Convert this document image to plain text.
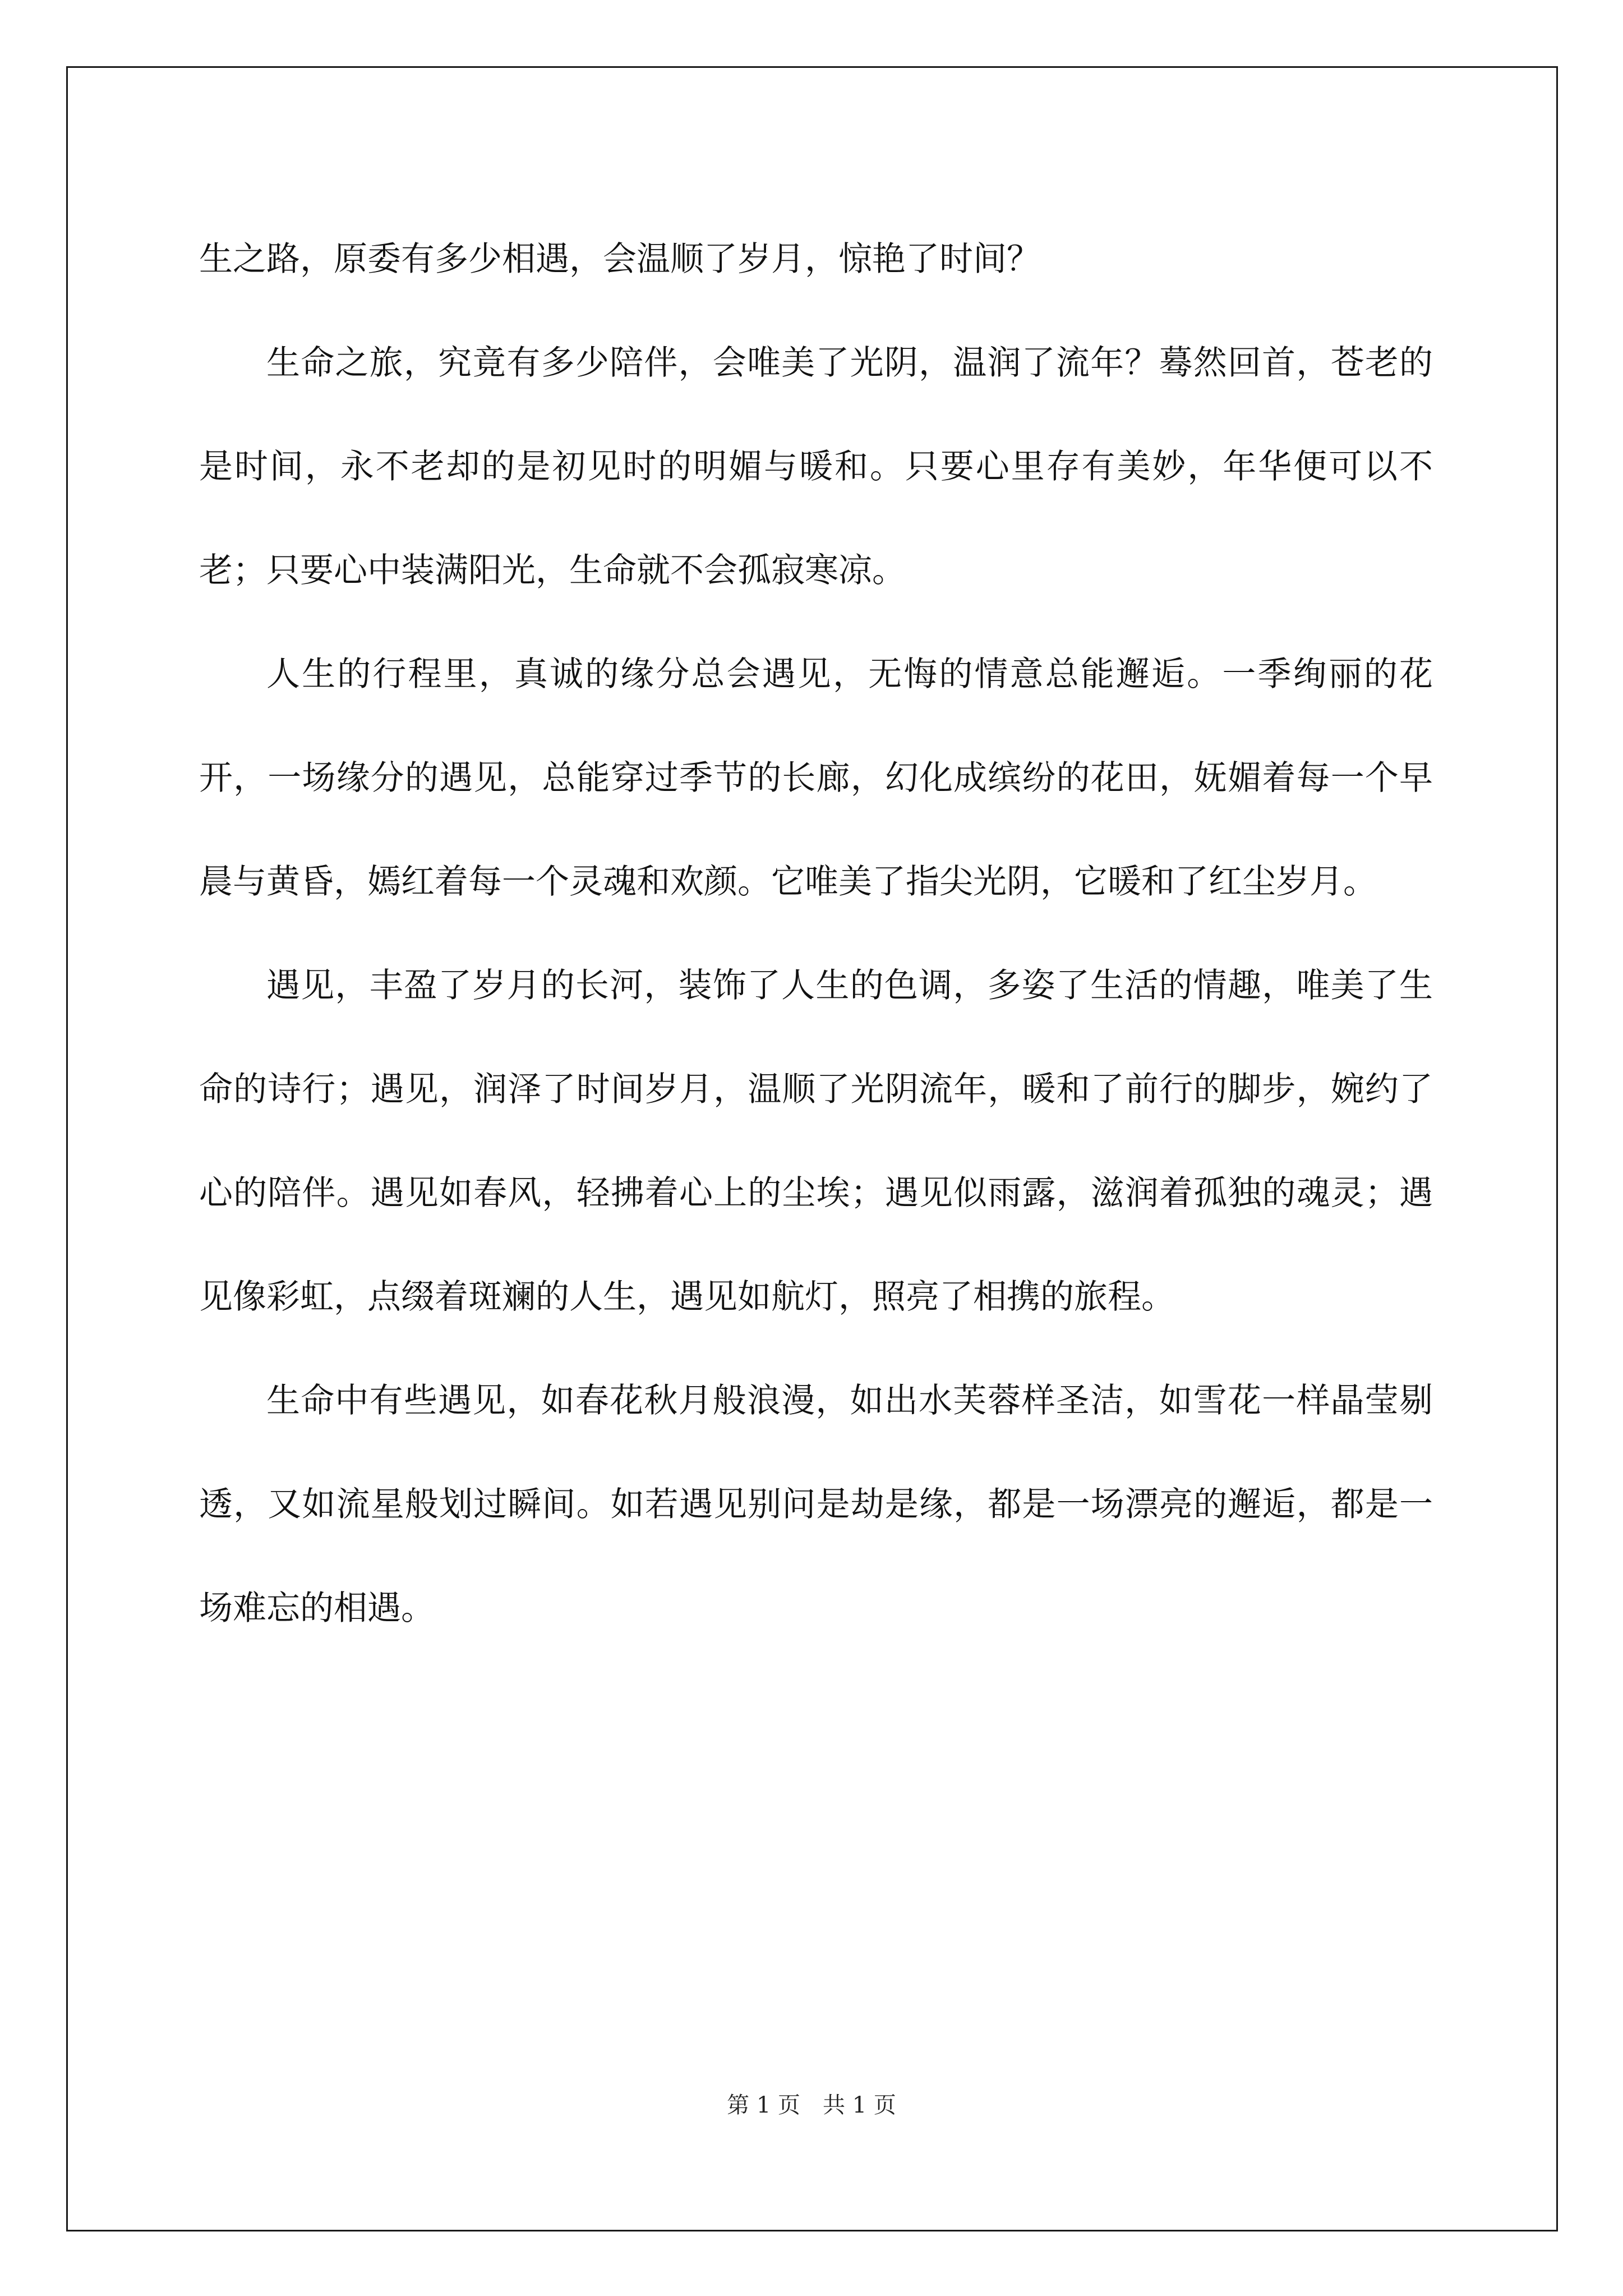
生之路，原委有多少相遇，会温顺了岁月，惊艳了时间？

生命之旅，究竟有多少陪伴，会唯美了光阴，温润了流年？蓦然回首，苍老的是时间，永不老却的是初见时的明媚与暖和。只要心里存有美妙，年华便可以不老；只要心中装满阳光，生命就不会孤寂寒凉。

人生的行程里，真诚的缘分总会遇见，无悔的情意总能邂逅。一季绚丽的花开，一场缘分的遇见，总能穿过季节的长廊，幻化成缤纷的花田，妩媚着每一个早晨与黄昏，嫣红着每一个灵魂和欢颜。它唯美了指尖光阴，它暖和了红尘岁月。

遇见，丰盈了岁月的长河，装饰了人生的色调，多姿了生活的情趣，唯美了生命的诗行；遇见，润泽了时间岁月，温顺了光阴流年，暖和了前行的脚步，婉约了心的陪伴。遇见如春风，轻拂着心上的尘埃；遇见似雨露，滋润着孤独的魂灵；遇见像彩虹，点缀着斑斓的人生，遇见如航灯，照亮了相携的旅程。

生命中有些遇见，如春花秋月般浪漫，如出水芙蓉样圣洁，如雪花一样晶莹剔透，又如流星般划过瞬间。如若遇见别问是劫是缘，都是一场漂亮的邂逅，都是一场难忘的相遇。

第 1 页　共 1 页
